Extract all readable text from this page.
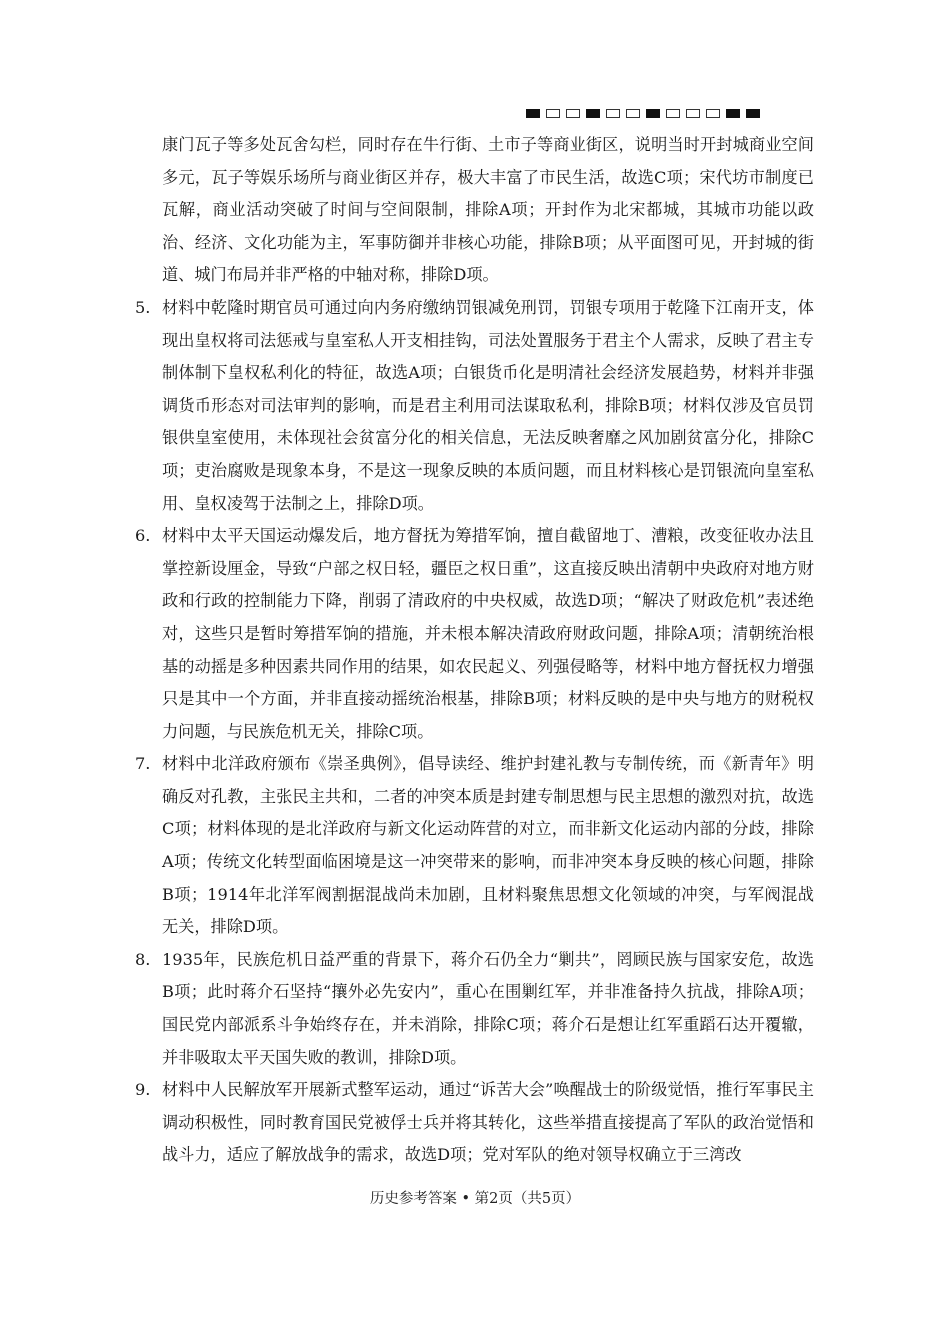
康门瓦子等多处瓦舍勾栏，同时存在牛行街、土市子等商业街区，说明当时开封城商业空间多元，瓦子等娱乐场所与商业街区并存，极大丰富了市民生活，故选C项；宋代坊市制度已瓦解，商业活动突破了时间与空间限制，排除A项；开封作为北宋都城，其城市功能以政治、经济、文化功能为主，军事防御并非核心功能，排除B项；从平面图可见，开封城的街道、城门布局并非严格的中轴对称，排除D项。
5. 材料中乾隆时期官员可通过向内务府缴纳罚银减免刑罚，罚银专项用于乾隆下江南开支，体现出皇权将司法惩戒与皇室私人开支相挂钩，司法处置服务于君主个人需求，反映了君主专制体制下皇权私利化的特征，故选A项；白银货币化是明清社会经济发展趋势，材料并非强调货币形态对司法审判的影响，而是君主利用司法谋取私利，排除B项；材料仅涉及官员罚银供皇室使用，未体现社会贫富分化的相关信息，无法反映奢靡之风加剧贫富分化，排除C项；吏治腐败是现象本身，不是这一现象反映的本质问题，而且材料核心是罚银流向皇室私用、皇权凌驾于法制之上，排除D项。
6. 材料中太平天国运动爆发后，地方督抚为筹措军饷，擅自截留地丁、漕粮，改变征收办法且掌控新设厘金，导致“户部之权日轻，疆臣之权日重”，这直接反映出清朝中央政府对地方财政和行政的控制能力下降，削弱了清政府的中央权威，故选D项；“解决了财政危机”表述绝对，这些只是暂时筹措军饷的措施，并未根本解决清政府财政问题，排除A项；清朝统治根基的动摇是多种因素共同作用的结果，如农民起义、列强侵略等，材料中地方督抚权力增强只是其中一个方面，并非直接动摇统治根基，排除B项；材料反映的是中央与地方的财税权力问题，与民族危机无关，排除C项。
7. 材料中北洋政府颁布《崇圣典例》，倡导读经、维护封建礼教与专制传统，而《新青年》明确反对孔教，主张民主共和，二者的冲突本质是封建专制思想与民主思想的激烈对抗，故选C项；材料体现的是北洋政府与新文化运动阵营的对立，而非新文化运动内部的分歧，排除A项；传统文化转型面临困境是这一冲突带来的影响，而非冲突本身反映的核心问题，排除B项；1914年北洋军阀割据混战尚未加剧，且材料聚焦思想文化领域的冲突，与军阀混战无关，排除D项。
8. 1935年，民族危机日益严重的背景下，蒋介石仍全力“剿共”，罔顾民族与国家安危，故选B项；此时蒋介石坚持“攘外必先安内”，重心在围剿红军，并非准备持久抗战，排除A项；国民党内部派系斗争始终存在，并未消除，排除C项；蒋介石是想让红军重蹈石达开覆辙，并非吸取太平天国失败的教训，排除D项。
9. 材料中人民解放军开展新式整军运动，通过“诉苦大会”唤醒战士的阶级觉悟，推行军事民主调动积极性，同时教育国民党被俘士兵并将其转化，这些举措直接提高了军队的政治觉悟和战斗力，适应了解放战争的需求，故选D项；党对军队的绝对领导权确立于三湾改
历史参考答案 • 第2页（共5页）
